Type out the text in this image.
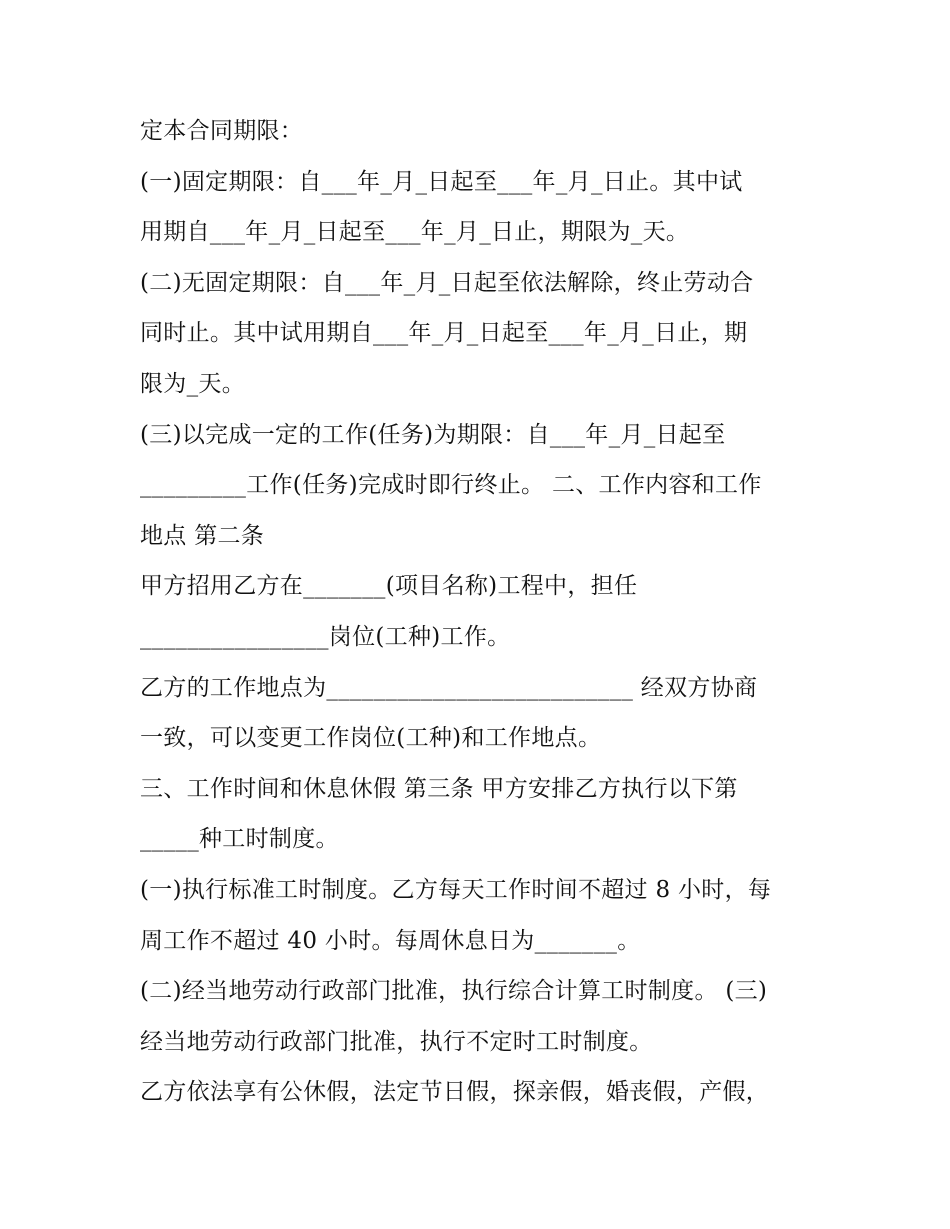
定本合同期限：
(一)固定期限：自___年_月_日起至___年_月_日止。其中试
用期自___年_月_日起至___年_月_日止，期限为_天。
(二)无固定期限：自___年_月_日起至依法解除，终止劳动合
同时止。其中试用期自___年_月_日起至___年_月_日止，期
限为_天。
(三)以完成一定的工作(任务)为期限：自___年_月_日起至
_________工作(任务)完成时即行终止。 二、工作内容和工作
地点 第二条
甲方招用乙方在_______(项目名称)工程中，担任
________________岗位(工种)工作。
乙方的工作地点为__________________________ 经双方协商
一致，可以变更工作岗位(工种)和工作地点。
三、工作时间和休息休假 第三条 甲方安排乙方执行以下第
_____种工时制度。
(一)执行标准工时制度。乙方每天工作时间不超过 8 小时，每
周工作不超过 40 小时。每周休息日为_______。
(二)经当地劳动行政部门批准，执行综合计算工时制度。 (三)
经当地劳动行政部门批准，执行不定时工时制度。
乙方依法享有公休假，法定节日假，探亲假，婚丧假，产假，
